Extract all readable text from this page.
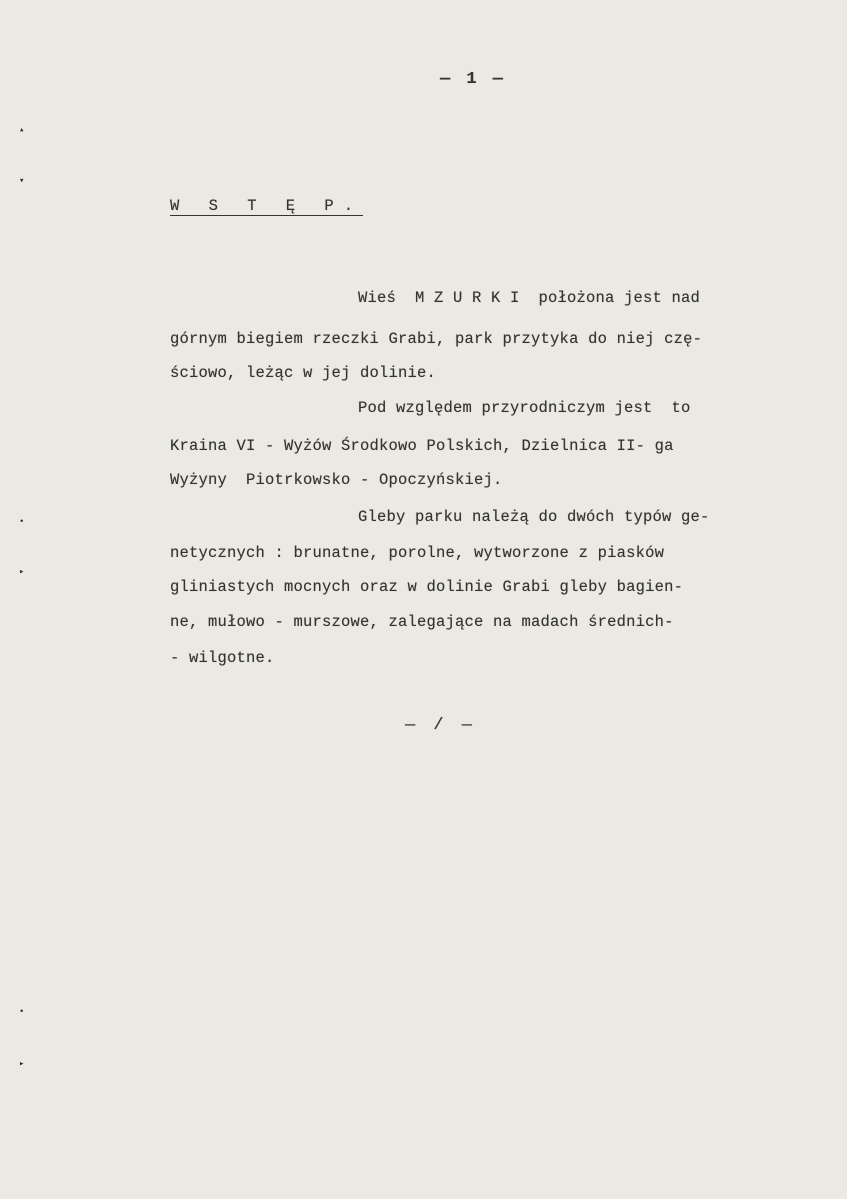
▴
▾
•
▸
•
▸
— 1 —
W S T Ę P.
Wieś  M Z U R K I  położona jest nad
górnym biegiem rzeczki Grabi, park przytyka do niej czę-
ściowo, leżąc w jej dolinie.
Pod względem przyrodniczym jest  to
Kraina VI - Wyżów Środkowo Polskich, Dzielnica II- ga
Wyżyny  Piotrkowsko - Opoczyńskiej.
Gleby parku należą do dwóch typów ge-
netycznych : brunatne, porolne, wytworzone z piasków
gliniastych mocnych oraz w dolinie Grabi gleby bagien-
ne, mułowo - murszowe, zalegające na madach średnich-
- wilgotne.
— / —
